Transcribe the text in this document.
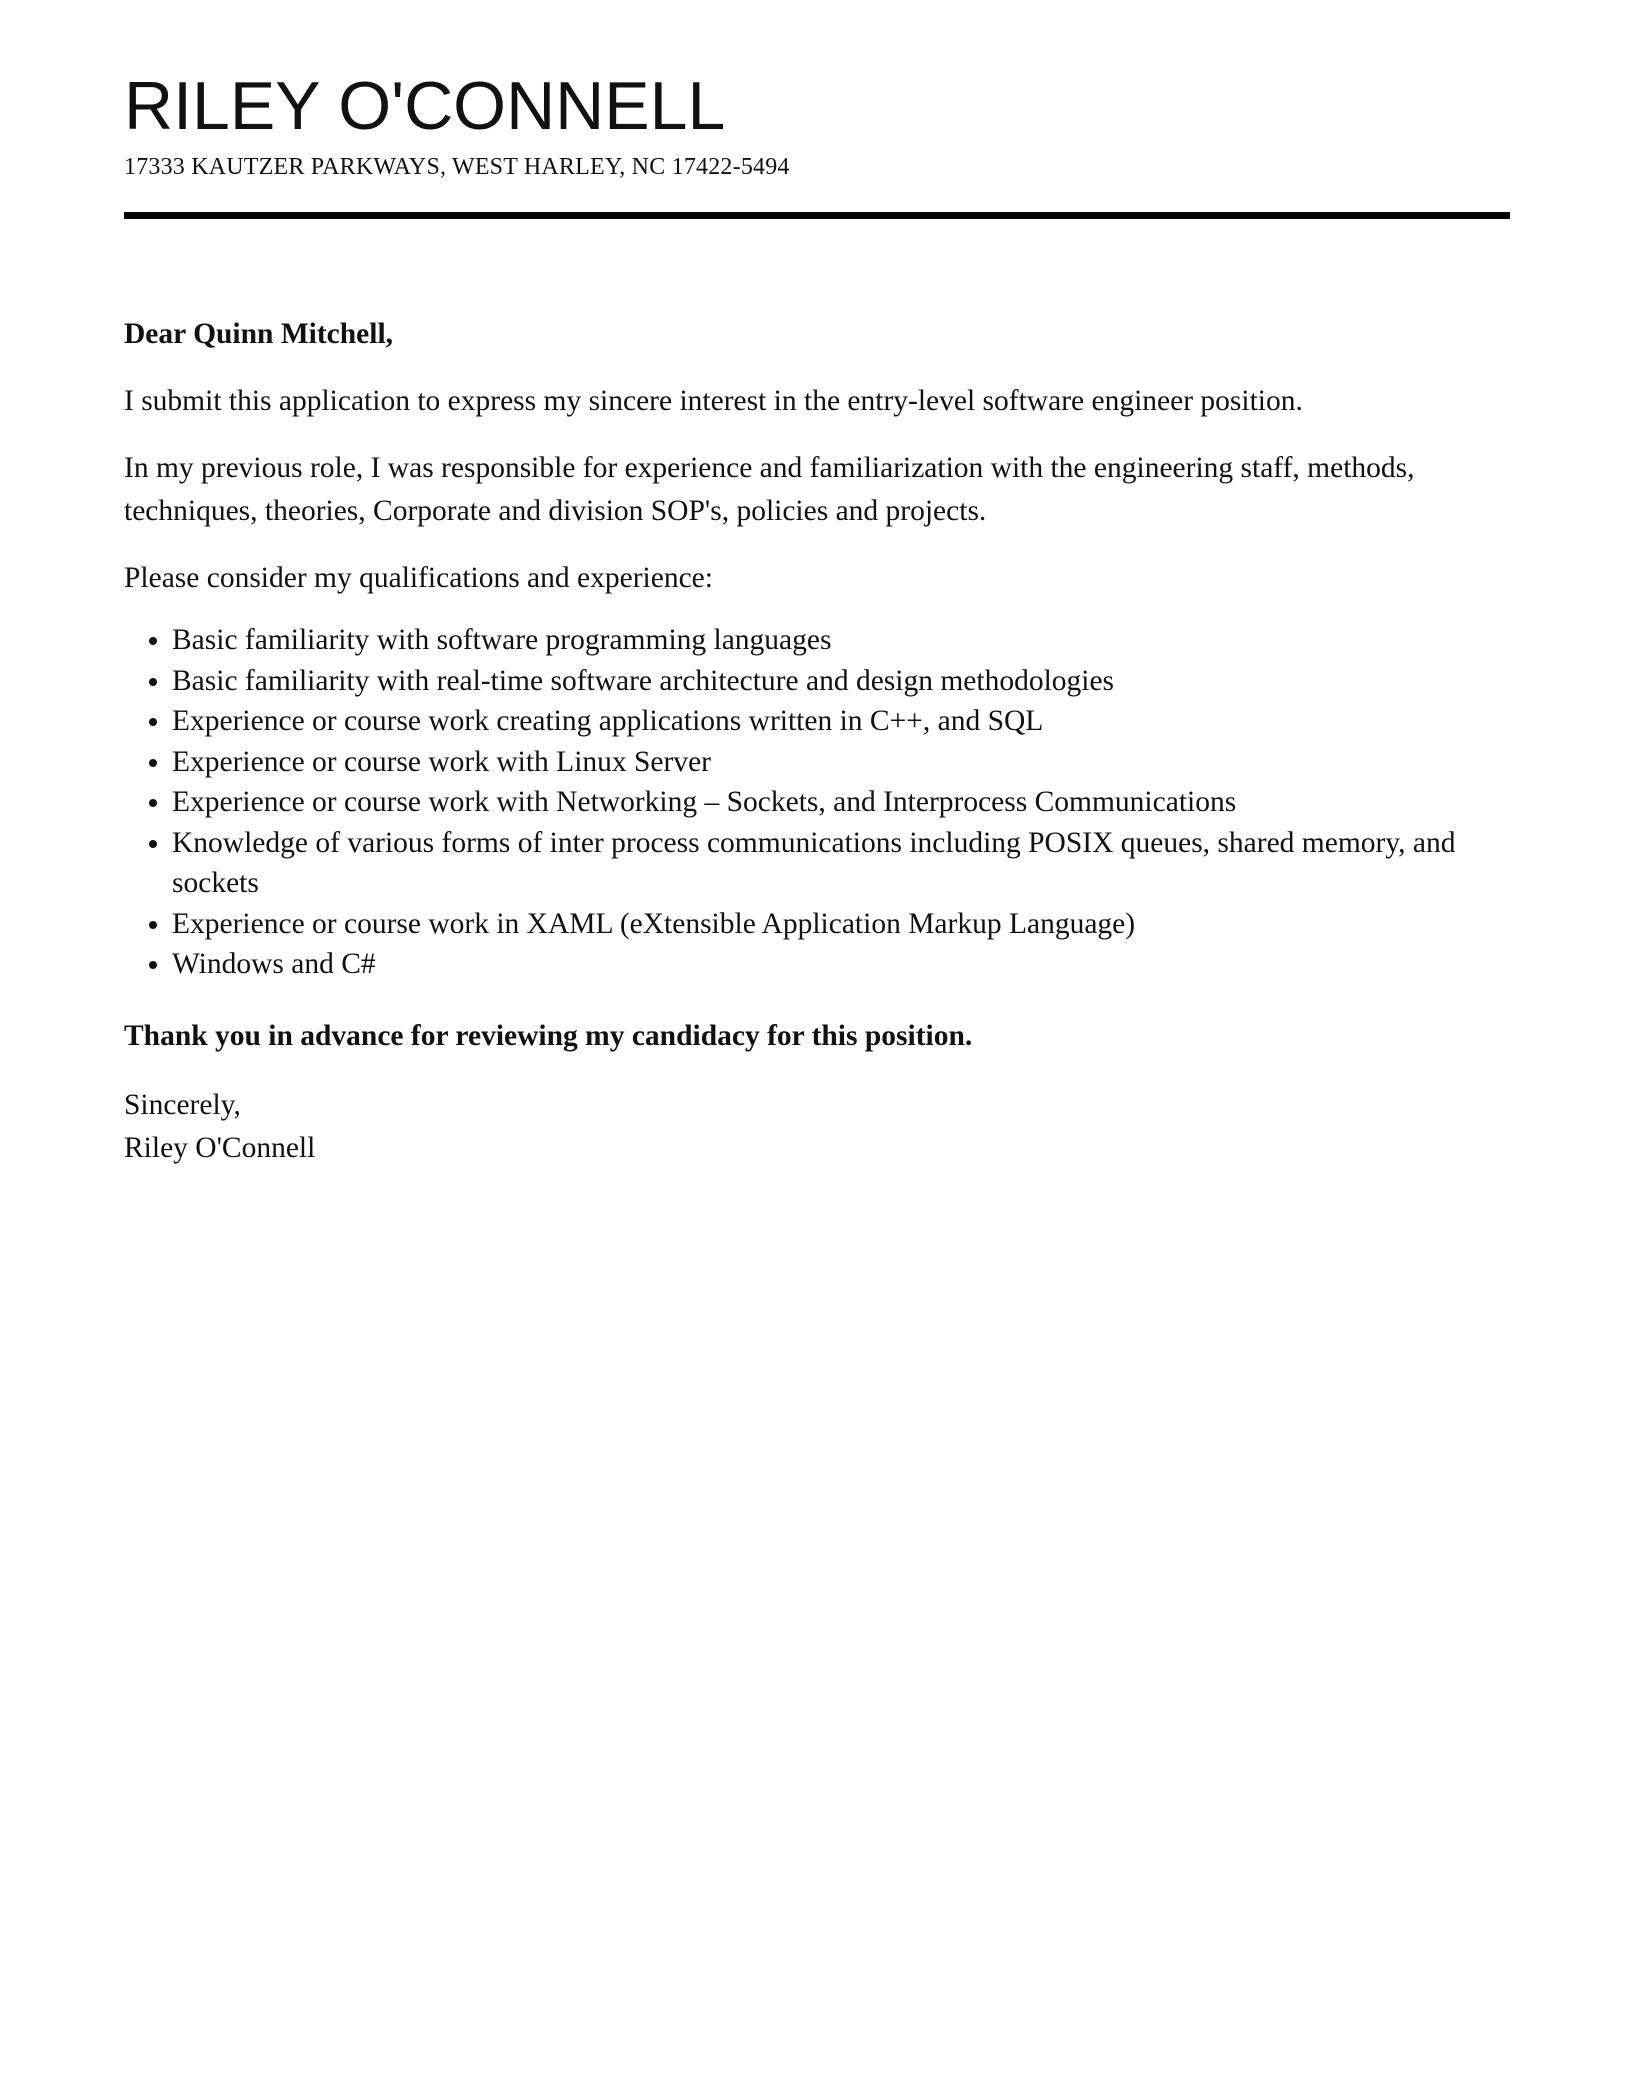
RILEY O'CONNELL

17333 KAUTZER PARKWAYS, WEST HARLEY, NC 17422-5494

Dear Quinn Mitchell,

I submit this application to express my sincere interest in the entry-level software engineer position.

In my previous role, I was responsible for experience and familiarization with the engineering staff, methods, techniques, theories, Corporate and division SOP's, policies and projects.

Please consider my qualifications and experience:

• Basic familiarity with software programming languages
• Basic familiarity with real-time software architecture and design methodologies
• Experience or course work creating applications written in C++, and SQL
• Experience or course work with Linux Server
• Experience or course work with Networking – Sockets, and Interprocess Communications
• Knowledge of various forms of inter process communications including POSIX queues, shared memory, and sockets
• Experience or course work in XAML (eXtensible Application Markup Language)
• Windows and C#

Thank you in advance for reviewing my candidacy for this position.

Sincerely,
Riley O'Connell
